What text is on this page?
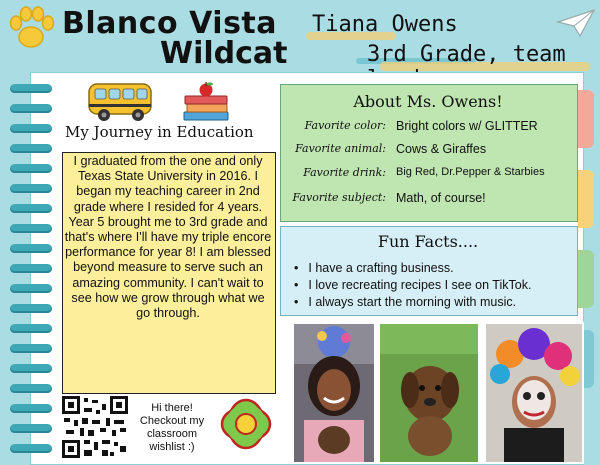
Blanco Vista
Wildcat
Tiana Owens
3rd Grade, team
My Journey in Education
I graduated from the one and only Texas State University in 2016. I began my teaching career in 2nd grade where I resided for 4 years. Year 5 brought me to 3rd grade and that's where I'll have my triple encore performance for year 8! I am blessed beyond measure to serve such an amazing community. I can't wait to see how we grow through what we go through.
Hi there! Checkout my classroom wishlist :)
About Ms. Owens!
Favorite color: Bright colors w/ GLITTER
Favorite animal: Cows & Giraffes
Favorite drink: Big Red, Dr.Pepper & Starbies
Favorite subject: Math, of course!
Fun Facts....
• I have a crafting business.
• I love recreating recipes I see on TikTok.
• I always start the morning with music.
